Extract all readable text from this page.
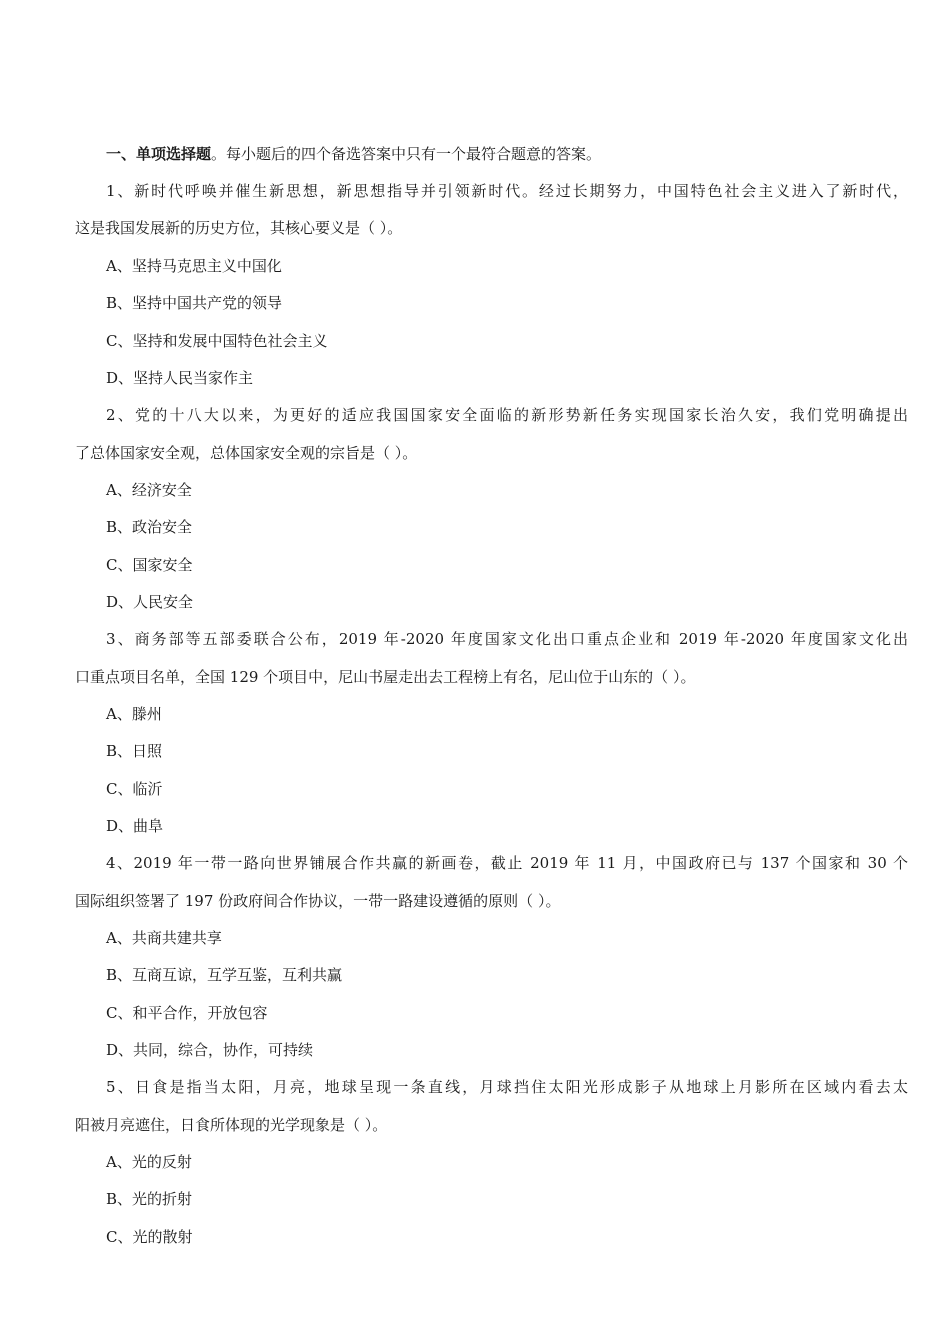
一、单项选择题。每小题后的四个备选答案中只有一个最符合题意的答案。
1、新时代呼唤并催生新思想，新思想指导并引领新时代。经过长期努力，中国特色社会主义进入了新时代，
这是我国发展新的历史方位，其核心要义是（ ）。
A、坚持马克思主义中国化
B、坚持中国共产党的领导
C、坚持和发展中国特色社会主义
D、坚持人民当家作主
2、党的十八大以来，为更好的适应我国国家安全面临的新形势新任务实现国家长治久安，我们党明确提出
了总体国家安全观，总体国家安全观的宗旨是（ ）。
A、经济安全
B、政治安全
C、国家安全
D、人民安全
3、商务部等五部委联合公布，2019 年-2020 年度国家文化出口重点企业和 2019 年-2020 年度国家文化出
口重点项目名单，全国 129 个项目中，尼山书屋走出去工程榜上有名，尼山位于山东的（ ）。
A、滕州
B、日照
C、临沂
D、曲阜
4、2019 年一带一路向世界铺展合作共赢的新画卷，截止 2019 年 11 月，中国政府已与 137 个国家和 30 个
国际组织签署了 197 份政府间合作协议，一带一路建设遵循的原则（ ）。
A、共商共建共享
B、互商互谅，互学互鉴，互利共赢
C、和平合作，开放包容
D、共同，综合，协作，可持续
5、日食是指当太阳，月亮，地球呈现一条直线，月球挡住太阳光形成影子从地球上月影所在区域内看去太
阳被月亮遮住，日食所体现的光学现象是（ ）。
A、光的反射
B、光的折射
C、光的散射
